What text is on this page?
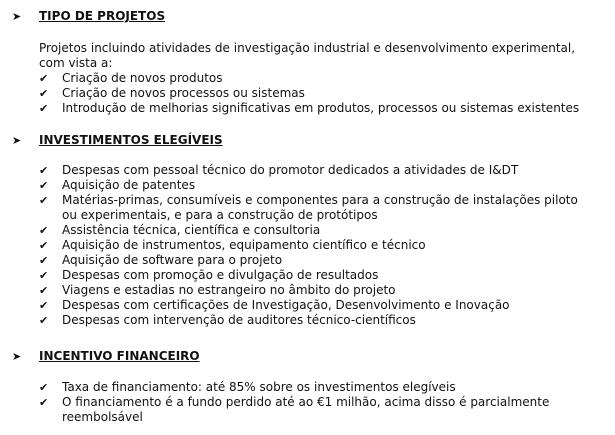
➤ TIPO DE PROJETOS
Projetos incluindo atividades de investigação industrial e desenvolvimento experimental, com vista a:
✔ Criação de novos produtos
✔ Criação de novos processos ou sistemas
✔ Introdução de melhorias significativas em produtos, processos ou sistemas existentes
➤ INVESTIMENTOS ELEGÍVEIS
✔ Despesas com pessoal técnico do promotor dedicados a atividades de I&DT
✔ Aquisição de patentes
✔ Matérias-primas, consumíveis e componentes para a construção de instalações piloto ou experimentais, e para a construção de protótipos
✔ Assistência técnica, científica e consultoria
✔ Aquisição de instrumentos, equipamento científico e técnico
✔ Aquisição de software para o projeto
✔ Despesas com promoção e divulgação de resultados
✔ Viagens e estadias no estrangeiro no âmbito do projeto
✔ Despesas com certificações de Investigação, Desenvolvimento e Inovação
✔ Despesas com intervenção de auditores técnico-científicos
➤ INCENTIVO FINANCEIRO
✔ Taxa de financiamento: até 85% sobre os investimentos elegíveis
✔ O financiamento é a fundo perdido até ao €1 milhão, acima disso é parcialmente reembolsável
